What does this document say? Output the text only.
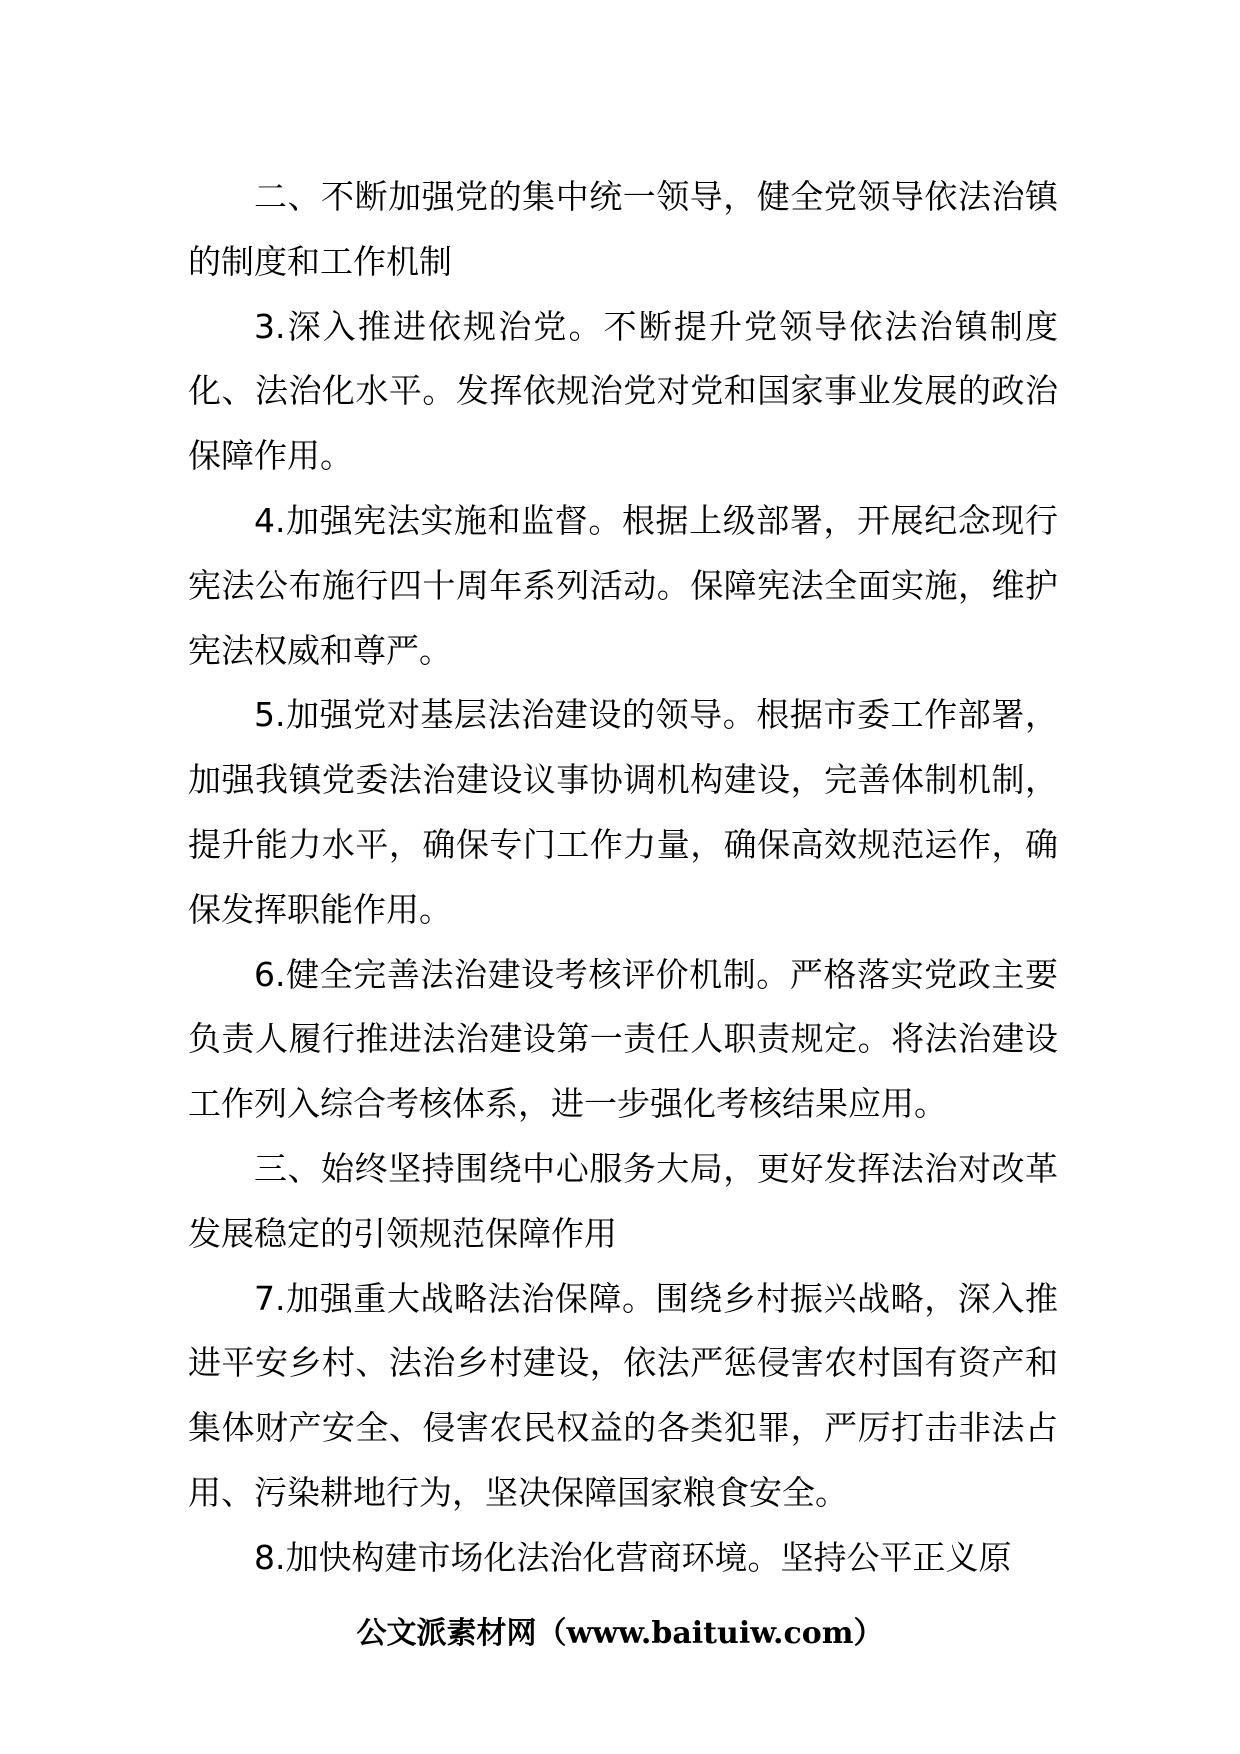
二、不断加强党的集中统一领导，健全党领导依法治镇的制度和工作机制

3.深入推进依规治党。不断提升党领导依法治镇制度化、法治化水平。发挥依规治党对党和国家事业发展的政治保障作用。

4.加强宪法实施和监督。根据上级部署，开展纪念现行宪法公布施行四十周年系列活动。保障宪法全面实施，维护宪法权威和尊严。

5.加强党对基层法治建设的领导。根据市委工作部署，加强我镇党委法治建设议事协调机构建设，完善体制机制，提升能力水平，确保专门工作力量，确保高效规范运作，确保发挥职能作用。

6.健全完善法治建设考核评价机制。严格落实党政主要负责人履行推进法治建设第一责任人职责规定。将法治建设工作列入综合考核体系，进一步强化考核结果应用。

三、始终坚持围绕中心服务大局，更好发挥法治对改革发展稳定的引领规范保障作用

7.加强重大战略法治保障。围绕乡村振兴战略，深入推进平安乡村、法治乡村建设，依法严惩侵害农村国有资产和集体财产安全、侵害农民权益的各类犯罪，严厉打击非法占用、污染耕地行为，坚决保障国家粮食安全。

8.加快构建市场化法治化营商环境。坚持公平正义原

公文派素材网（www.baituiw.com）
